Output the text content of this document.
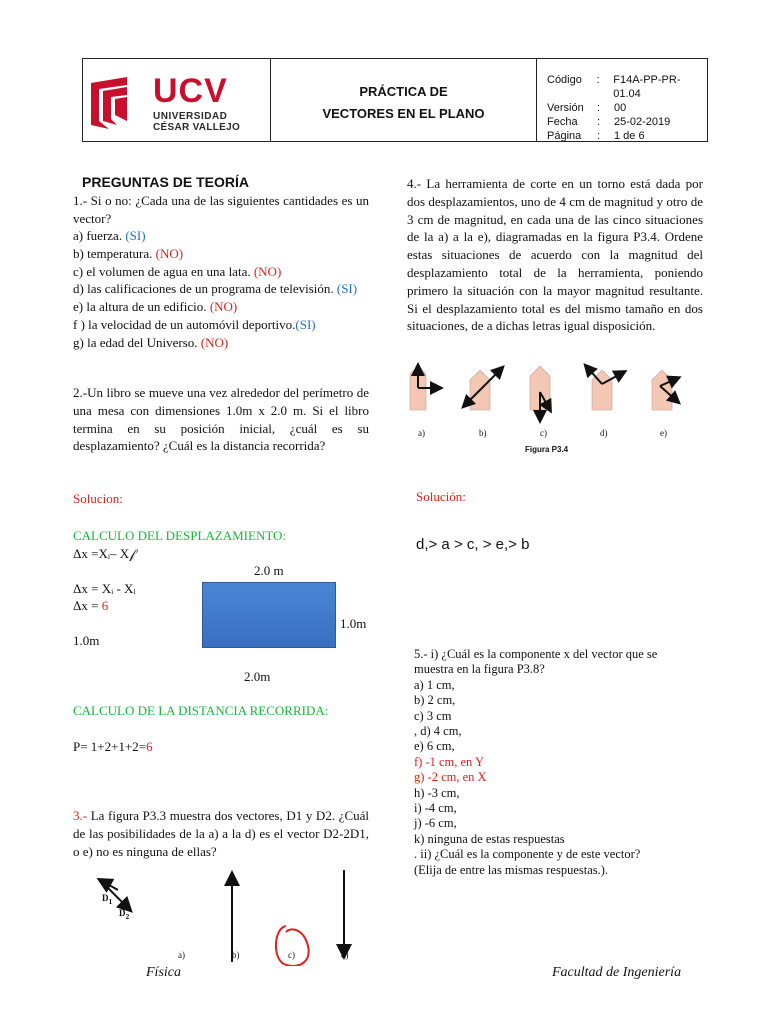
UCV
UNIVERSIDAD
CÉSAR VALLEJO
PRÁCTICA DE
VECTORES EN EL PLANO
Código	:	F14A-PP-PR-01.04
Versión	:	00
Fecha	:	25-02-2019
Página	:	1 de 6
PREGUNTAS DE TEORÍA
1.- Si o no: ¿Cada una de las siguientes cantidades es un vector?
a) fuerza. (SI)
b) temperatura. (NO)
c) el volumen de agua en una lata. (NO)
d) las calificaciones de un programa de televisión. (SI)
e) la altura de un edificio. (NO)
f ) la velocidad de un automóvil deportivo.(SI)
g) la edad del Universo. (NO)
2.-Un libro se mueve una vez alrededor del perímetro de una mesa con dimensiones 1.0m x 2.0 m. Si el libro termina en su posición inicial, ¿cuál es su desplazamiento? ¿Cuál es la distancia recorrida?
Solucion:
CALCULO DEL DESPLAZAMIENTO:
Δx =Xᵢ– X𝒻
Δx = Xᵢ - Xᵢ
Δx = 6
2.0 m
1.0m
1.0m
2.0m
CALCULO DE LA DISTANCIA RECORRIDA:
P= 1+2+1+2=6
3.- La figura P3.3 muestra dos vectores, D1 y D2. ¿Cuál de las posibilidades de la a) a la d) es el vector D2-2D1, o e) no es ninguna de ellas?
$D_1$
$D_2$
a)	b)	c)	d)
Física
4.- La herramienta de corte en un torno está dada por dos desplazamientos, uno de 4 cm de magnitud y otro de 3 cm de magnitud, en cada una de las cinco situaciones de la a) a la e), diagramadas en la figura P3.4. Ordene estas situaciones de acuerdo con la magnitud del desplazamiento total de la herramienta, poniendo primero la situación con la mayor magnitud resultante. Si el desplazamiento total es del mismo tamaño en dos situaciones, de a dichas letras igual disposición.
a)	b)	c)	d)	e)
Figura P3.4
Solución:
d,> a > c, > e,> b
5.- i) ¿Cuál es la componente x del vector que se
muestra en la figura P3.8?
a) 1 cm,
b) 2 cm,
c) 3 cm
, d) 4 cm,
e) 6 cm,
f) -1 cm, en Y
g) -2 cm, en X
h) -3 cm,
i) -4 cm,
j) -6 cm,
k) ninguna de estas respuestas
. ii) ¿Cuál es la componente y de este vector?
(Elija de entre las mismas respuestas.).
Facultad de Ingeniería
